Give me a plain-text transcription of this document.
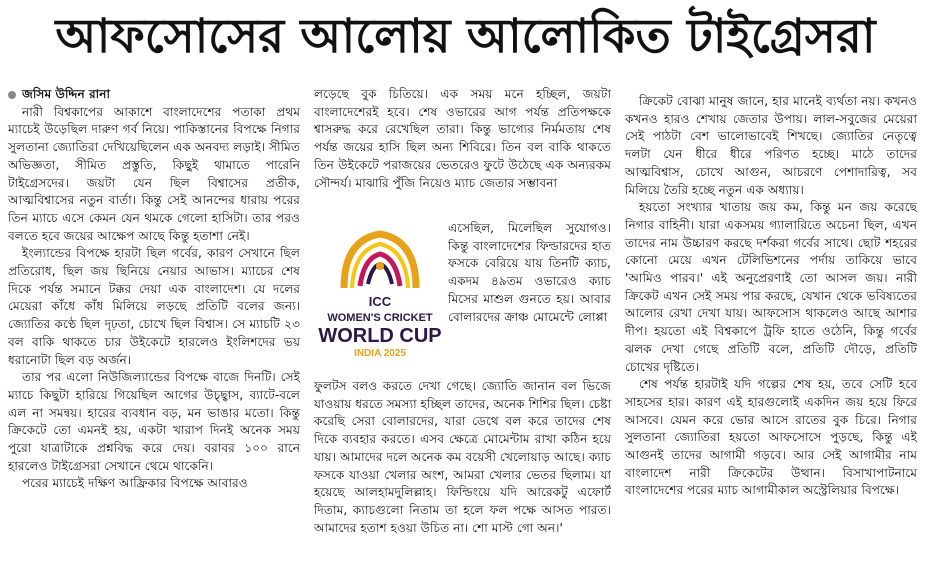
আফসোসের আলোয় আলোকিত টাইগ্রেসরা

জসিম উদ্দিন রানা

নারী বিশ্বকাপের আকাশে বাংলাদেশের পতাকা প্রথম ম্যাচেই উড়েছিল দারুণ গর্ব নিয়ে। পাকিস্তানের বিপক্ষে নিগার সুলতানা জ্যোতিরা দেখিয়েছিলেন এক অনবদ্য লড়াই। সীমিত অভিজ্ঞতা, সীমিত প্রস্তুতি, কিছুই থামাতে পারেনি টাইগ্রেসদের। জয়টা যেন ছিল বিশ্বাসের প্রতীক, আত্মবিশ্বাসের নতুন বার্তা। কিন্তু সেই আনন্দের ধারায় পরের তিন ম্যাচে এসে কেমন যেন থমকে গেলো হাসিটা। তার পরও বলতে হবে জয়ের আক্ষেপ আছে কিন্তু হতাশা নেই।

ইংল্যান্ডের বিপক্ষে হারটা ছিল গর্বের, কারণ সেখানে ছিল প্রতিরোধ, ছিল জয় ছিনিয়ে নেয়ার আভাস। ম্যাচের শেষ দিকে পর্যন্ত সমানে টক্কর দেয়া এক বাংলাদেশ। যে দলের মেয়েরা কাঁধে কাঁধ মিলিয়ে লড়ছে প্রতিটি বলের জন্য। জ্যোতির কণ্ঠে ছিল দৃঢ়তা, চোখে ছিল বিশ্বাস। সে ম্যাচটি ২৩ বল বাকি থাকতে চার উইকেটে হারলেও ইংলিশদের ভয় ধরানোটা ছিল বড় অর্জন।

তার পর এলো নিউজিল্যান্ডের বিপক্ষে বাজে দিনটি। সেই ম্যাচে কিছুটা হারিয়ে গিয়েছিল আগের উচ্ছ্বাস, ব্যাটে-বলে এল না সমন্বয়। হারের ব্যবধান বড়, মন ভাঙার মতো। কিন্তু ক্রিকেটে তো এমনই হয়, একটা খারাপ দিনই অনেক সময় পুরো যাত্রাটাকে প্রশ্নবিদ্ধ করে দেয়। বরাবর ১০০ রানে হারলেও টাইগ্রেসরা সেখানে থেমে থাকেনি।

পরের ম্যাচেই দক্ষিণ আফ্রিকার বিপক্ষে আবারও

লড়েছে বুক চিতিয়ে। এক সময় মনে হচ্ছিল, জয়টা বাংলাদেশেরই হবে। শেষ ওভারের আগ পর্যন্ত প্রতিপক্ষকে শ্বাসরুদ্ধ করে রেখেছিল তারা। কিন্তু ভাগ্যের নির্মমতায় শেষ পর্যন্ত জয়ের হাসি ছিল অন্য শিবিরে। তিন বল বাকি থাকতে তিন উইকেটে পরাজয়ের ভেতরেও ফুটে উঠেছে এক অন্যরকম সৌন্দর্য। মাঝারি পুঁজি নিয়েও ম্যাচ জেতার সম্ভাবনা

এসেছিল, মিলেছিল সুযোগও। কিন্তু বাংলাদেশের ফিল্ডারদের হাত ফসকে বেরিয়ে যায় তিনটি ক্যাচ, একদম ৪৯তম ওভারেও ক্যাচ মিসের মাশুল গুনতে হয়। আবার বোলারদের ক্রাঞ্চ মোমেন্টে লোপ্পা

ফুলটস বলও করতে দেখা গেছে। জ্যোতি জানান বল ভিজে যাওয়ায় ধরতে সমস্যা হচ্ছিল তাদের, অনেক শিশির ছিল। চেষ্টা করেছি সেরা বোলারদের, যারা ডেথে বল করে তাদের শেষ দিকে ব্যবহার করতে। এসব ক্ষেত্রে মোমেন্টাম রাখা কঠিন হয়ে যায়। আমাদের দলে অনেক কম বয়েসী খেলোয়াড় আছে। ক্যাচ ফসকে যাওয়া খেলার অংশ, আমরা খেলার ভেতর ছিলাম। যা হয়েছে আলহামদুলিল্লাহ। ফিল্ডিংয়ে যদি আরেকটু এফোর্ট দিতাম, ক্যাচগুলো নিতাম তা হলে ফল পক্ষে আসত পারত। আমাদের হতাশ হওয়া উচিত না। শো মাস্ট গো অন।'

ICC
WOMEN'S CRICKET
WORLD CUP
INDIA 2025

ক্রিকেট বোঝা মানুষ জানে, হার মানেই ব্যর্থতা নয়। কখনও কখনও হারও শেখায় জেতার উপায়। লাল-সবুজের মেয়েরা সেই পাঠটা বেশ ভালোভাবেই শিখছে। জ্যোতির নেতৃত্বে দলটা যেন ধীরে ধীরে পরিণত হচ্ছে। মাঠে তাদের আত্মবিশ্বাস, চোখে আগুন, আচরণে পেশাদারিত্ব, সব মিলিয়ে তৈরি হচ্ছে নতুন এক অধ্যায়।

হয়তো সংখ্যার খাতায় জয় কম, কিন্তু মন জয় করেছে নিগার বাহিনী। যারা একসময় গ্যালারিতে অচেনা ছিল, এখন তাদের নাম উচ্চারণ করছে দর্শকরা গর্বের সাথে। ছোট শহরের কোনো মেয়ে এখন টেলিভিশনের পর্দায় তাকিয়ে ভাবে 'আমিও পারব।' এই অনুপ্রেরণাই তো আসল জয়। নারী ক্রিকেট এখন সেই সময় পার করছে, যেখান থেকে ভবিষ্যতের আলোর রেখা দেখা যায়। আফসোস থাকলেও আছে আশার দীপ। হয়তো এই বিশ্বকাপে ট্রফি হাতে ওঠেনি, কিন্তু গর্বের ঝলক দেখা গেছে প্রতিটি বলে, প্রতিটি দৌড়ে, প্রতিটি চোখের দৃষ্টিতে।

শেষ পর্যন্ত হারটাই যদি গল্পের শেষ হয়, তবে সেটি হবে সাহসের হার। কারণ এই হারগুলোই একদিন জয় হয়ে ফিরে আসবে। যেমন করে ভোর আসে রাতের বুক চিরে। নিগার সুলতানা জ্যোতিরা হয়তো আফসোসে পুড়ছে, কিন্তু এই আগুনই তাদের আগামী গড়বে। আর সেই আগামীর নাম বাংলাদেশ নারী ক্রিকেটের উত্থান। বিসাখাপাটনামে বাংলাদেশের পরের ম্যাচ আগামীকাল অস্ট্রেলিয়ার বিপক্ষে।
